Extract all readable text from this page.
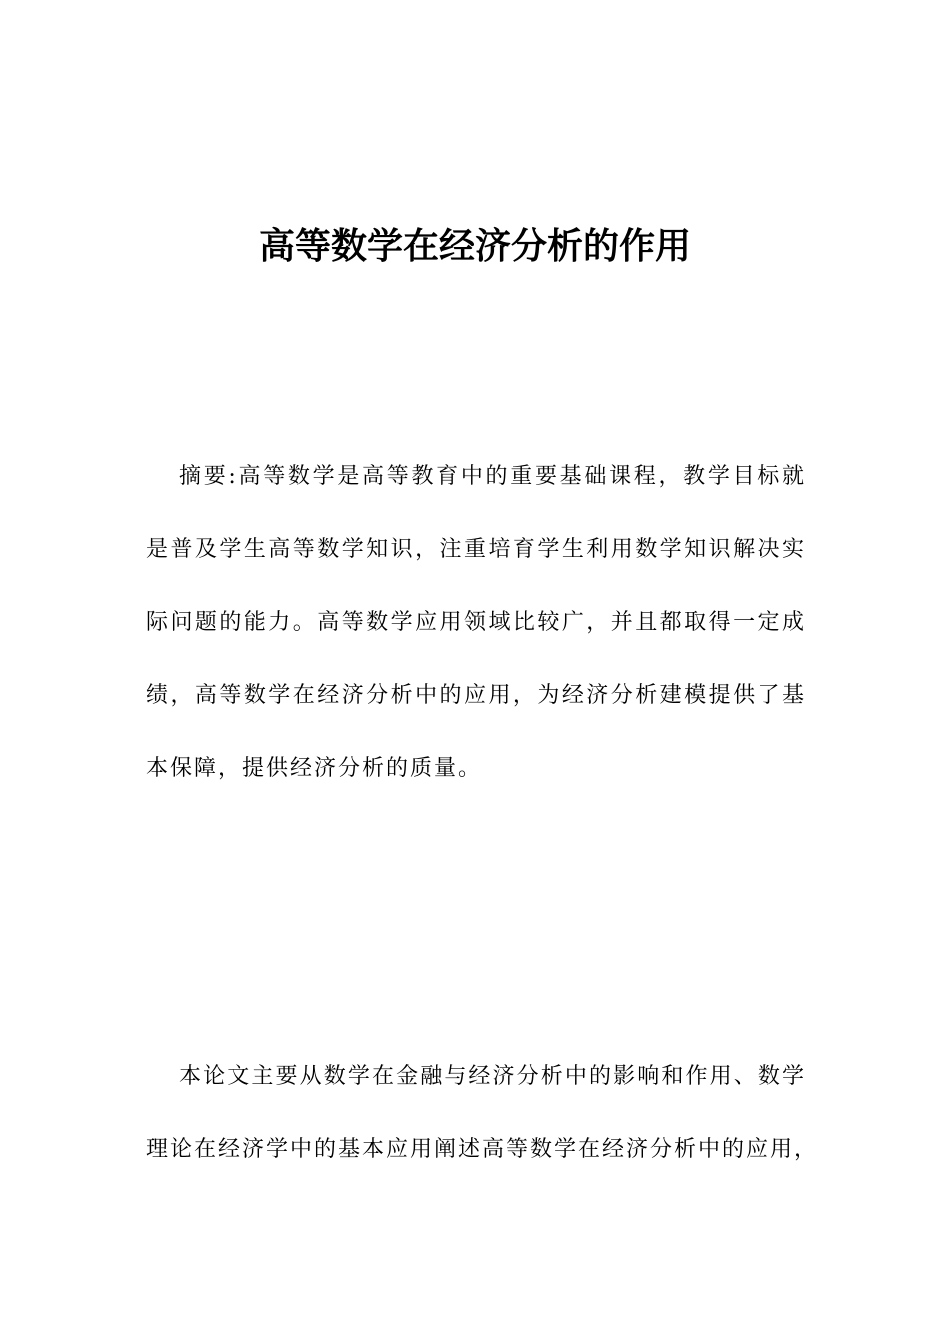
高等数学在经济分析的作用
摘要:高等数学是高等教育中的重要基础课程，教学目标就
是普及学生高等数学知识，注重培育学生利用数学知识解决实
际问题的能力。高等数学应用领域比较广，并且都取得一定成
绩，高等数学在经济分析中的应用，为经济分析建模提供了基
本保障，提供经济分析的质量。
本论文主要从数学在金融与经济分析中的影响和作用、数学
理论在经济学中的基本应用阐述高等数学在经济分析中的应用，
